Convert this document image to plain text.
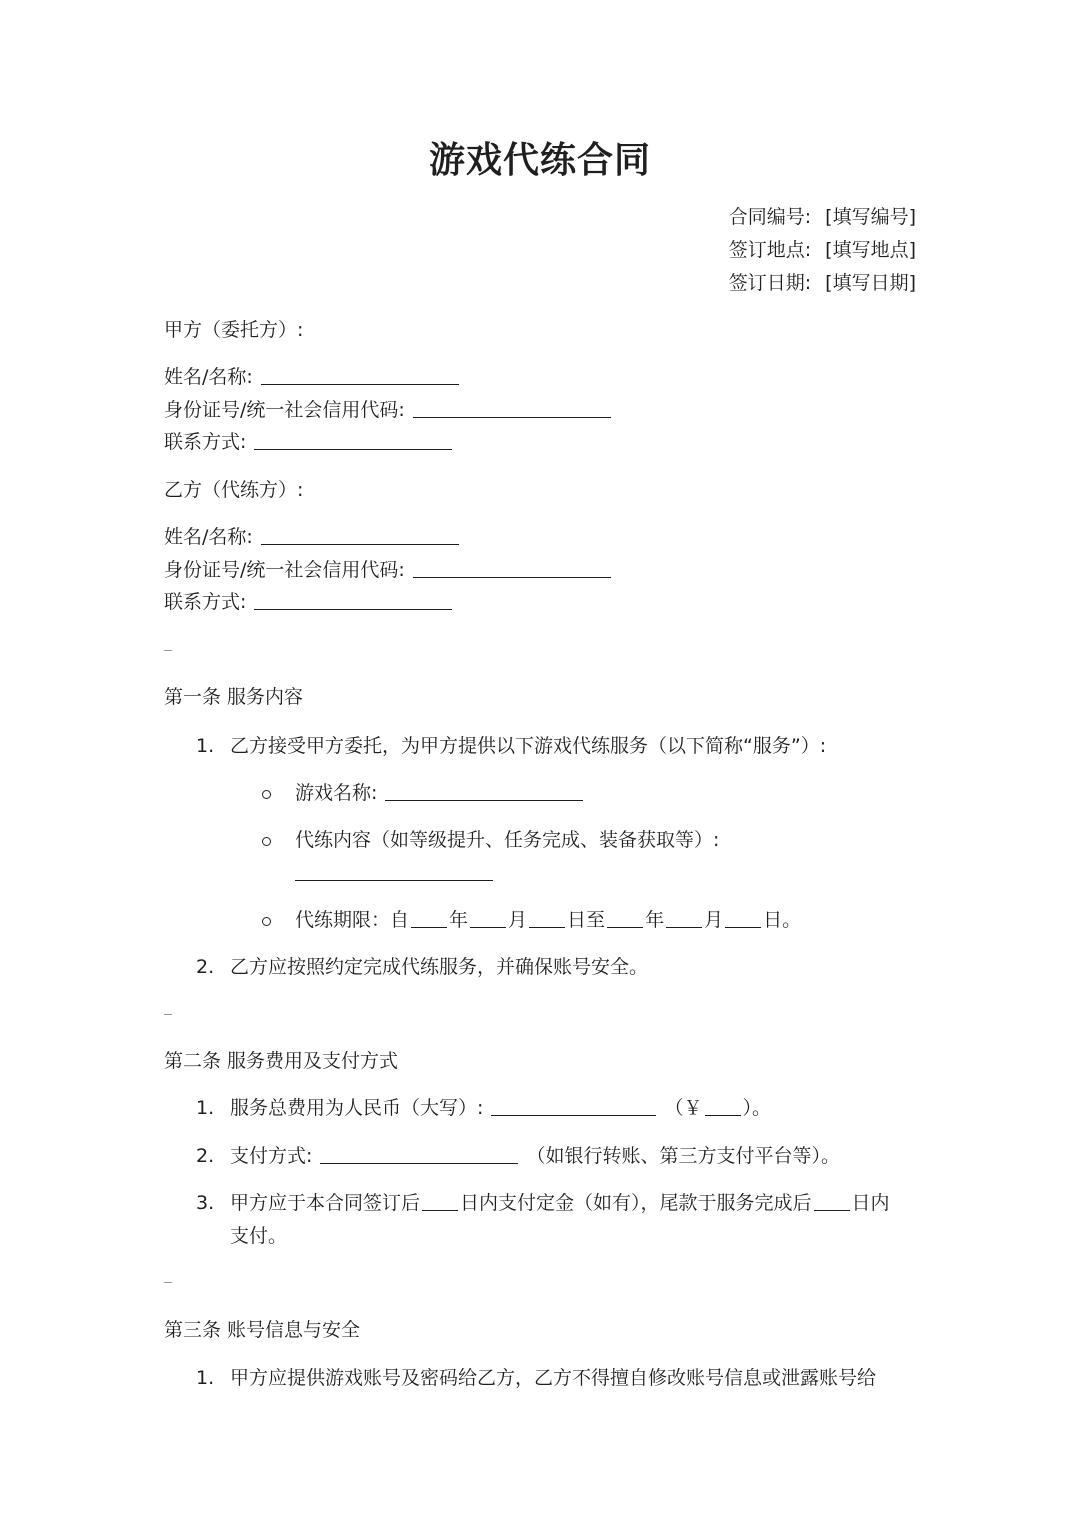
游戏代练合同
合同编号: [填写编号]
签订地点: [填写地点]
签订日期: [填写日期]
甲方（委托方）:
姓名/名称:
身份证号/统一社会信用代码:
联系方式:
乙方（代练方）:
姓名/名称:
身份证号/统一社会信用代码:
联系方式:
第一条 服务内容
1. 乙方接受甲方委托，为甲方提供以下游戏代练服务（以下简称“服务”）:
游戏名称:
代练内容（如等级提升、任务完成、装备获取等）:
代练期限：自 年 月 日至 年 月 日。
2. 乙方应按照约定完成代练服务，并确保账号安全。
第二条 服务费用及支付方式
1. 服务总费用为人民币（大写）:	（￥ ）。
2. 支付方式:	（如银行转账、第三方支付平台等）。
3. 甲方应于本合同签订后 日内支付定金（如有），尾款于服务完成后 日内
支付。
第三条 账号信息与安全
1. 甲方应提供游戏账号及密码给乙方，乙方不得擅自修改账号信息或泄露账号给
